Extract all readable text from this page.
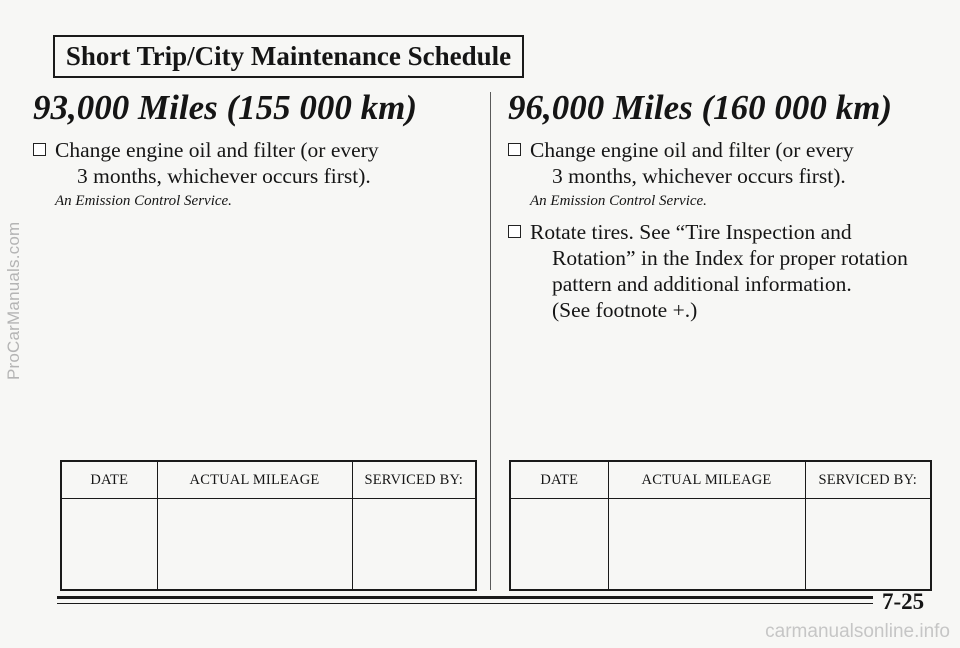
ProCarManuals.com
carmanualsonline.info
Short Trip/City Maintenance Schedule
93,000 Miles (155 000 km)
Change engine oil and filter (or every
3 months, whichever occurs first).
An Emission Control Service.
96,000 Miles (160 000 km)
Change engine oil and filter (or every
3 months, whichever occurs first).
An Emission Control Service.
Rotate tires. See “Tire Inspection and
Rotation” in the Index for proper rotation
pattern and additional information.
(See footnote +.)
DATE	ACTUAL MILEAGE	SERVICED BY:
			DATE	ACTUAL MILEAGE	SERVICED BY:

7-25
